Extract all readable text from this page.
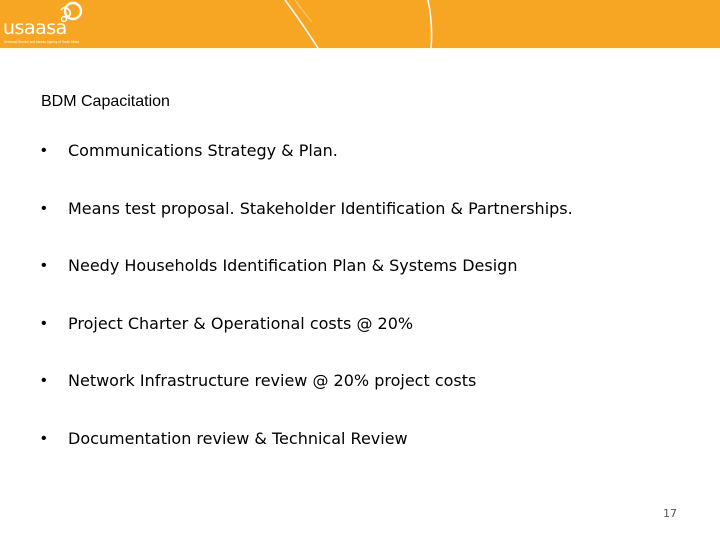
usaasa
Universal Service and Access Agency of South Africa
BDM Capacitation
•	Communications Strategy & Plan.
•	Means test proposal. Stakeholder Identification & Partnerships.
•	Needy Households Identification Plan & Systems Design
•	Project Charter & Operational costs @ 20%
•	Network Infrastructure review @ 20% project costs
•	Documentation review & Technical Review
17
